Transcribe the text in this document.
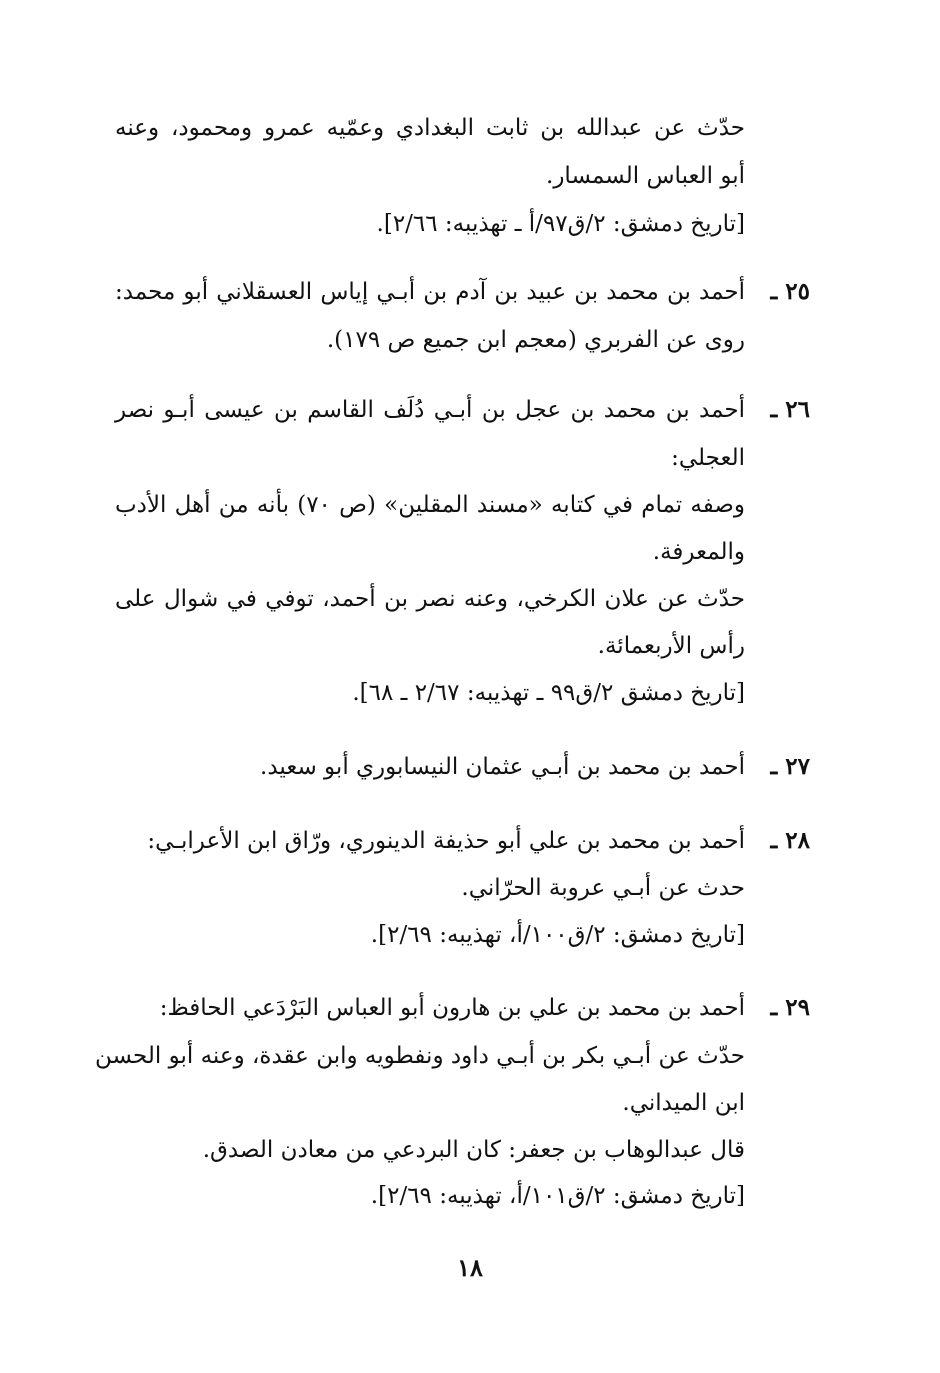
حدّث عن عبدالله بن ثابت البغدادي وعمّيه عمرو ومحمود، وعنه
أبو العباس السمسار.
[تاريخ دمشق: ٢/ق٩٧/أ ـ تهذيبه: ٢/٦٦].
٢٥ ـ
أحمد بن محمد بن عبيد بن آدم بن أبـي إياس العسقلاني أبو محمد:
روى عن الفربري (معجم ابن جميع ص ١٧٩).
٢٦ ـ
أحمد بن محمد بن عجل بن أبـي دُلَف القاسم بن عيسى أبـو نصر
العجلي:
وصفه تمام في كتابه «مسند المقلين» (ص ٧٠) بأنه من أهل الأدب
والمعرفة.
حدّث عن علان الكرخي، وعنه نصر بن أحمد، توفي في شوال على
رأس الأربعمائة.
[تاريخ دمشق ٢/ق٩٩ ـ تهذيبه: ٢/٦٧ ـ ٦٨].
٢٧ ـ
أحمد بن محمد بن أبـي عثمان النيسابوري أبو سعيد.
٢٨ ـ
أحمد بن محمد بن علي أبو حذيفة الدينوري، ورّاق ابن الأعرابـي:
حدث عن أبـي عروبة الحرّاني.
[تاريخ دمشق: ٢/ق١٠٠/أ، تهذيبه: ٢/٦٩].
٢٩ ـ
أحمد بن محمد بن علي بن هارون أبو العباس البَرْدَعي الحافظ:
حدّث عن أبـي بكر بن أبـي داود ونفطويه وابن عقدة، وعنه أبو الحسن
ابن الميداني.
قال عبدالوهاب بن جعفر: كان البردعي من معادن الصدق.
[تاريخ دمشق: ٢/ق١٠١/أ، تهذيبه: ٢/٦٩].
١٨
